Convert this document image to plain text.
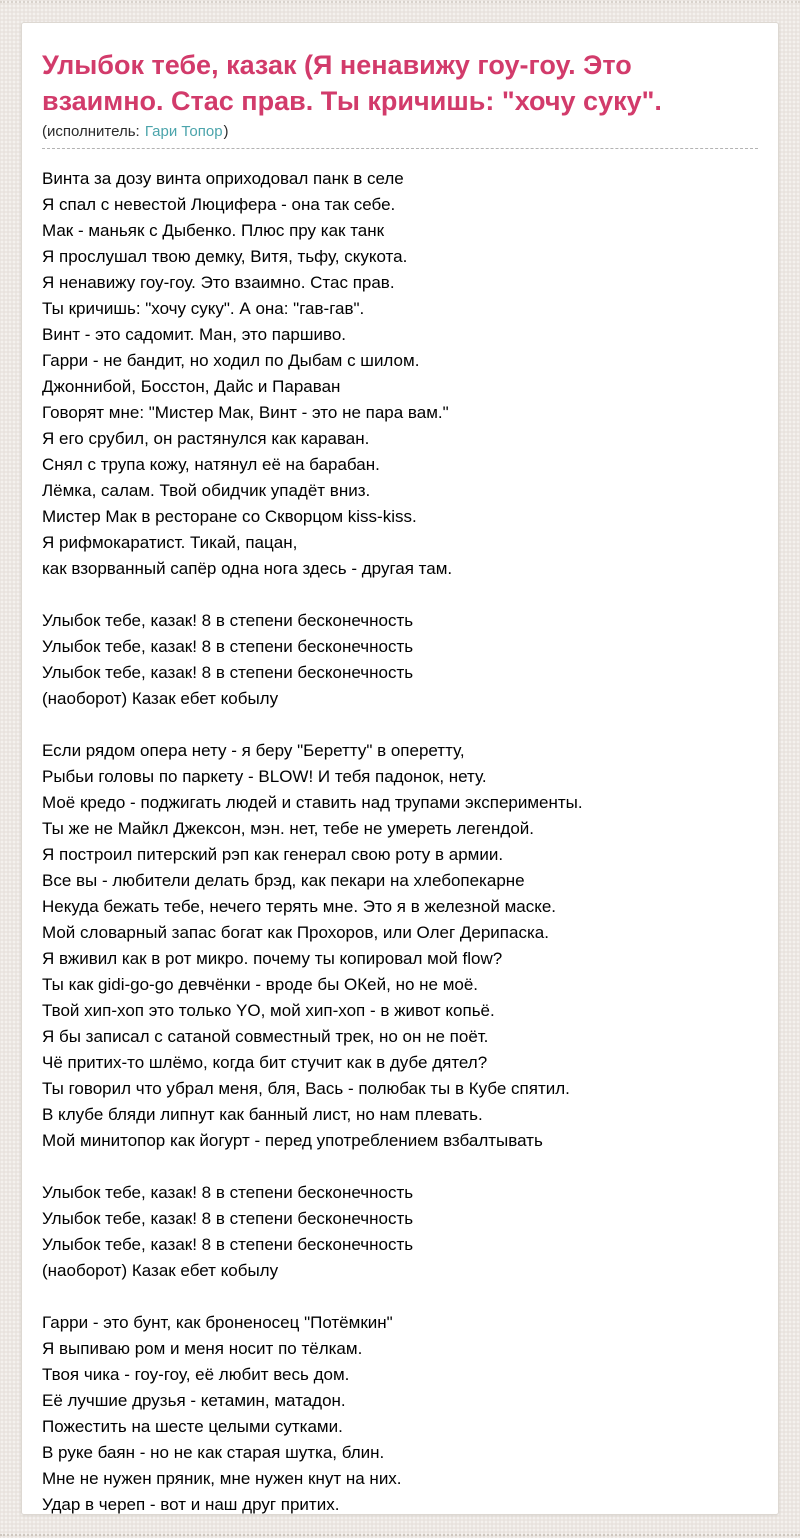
Улыбок тебе, казак (Я ненавижу гоу-гоу. Это взаимно. Стас прав. Ты кричишь: "хочу суку".
(исполнитель: Гари Топор)
Винта за дозу винта оприходовал панк в селе
Я спал с невестой Люцифера - она так себе.
Мак - маньяк с Дыбенко. Плюс пру как танк
Я прослушал твою демку, Витя, тьфу, скукота.
Я ненавижу гоу-гоу. Это взаимно. Стас прав.
Ты кричишь: "хочу суку". А она: "гав-гав".
Винт - это садомит. Ман, это паршиво.
Гарри - не бандит, но ходил по Дыбам с шилом.
Джоннибой, Босстон, Дайс и Параван
Говорят мне: "Мистер Мак, Винт - это не пара вам."
Я его срубил, он растянулся как караван.
Снял с трупа кожу, натянул её на барабан.
Лёмка, салам. Твой обидчик упадёт вниз.
Мистер Мак в ресторане со Скворцом kiss-kiss.
Я рифмокаратист. Тикай, пацан,
как взорванный сапёр одна нога здесь - другая там.
Улыбок тебе, казак! 8 в степени бесконечность
Улыбок тебе, казак! 8 в степени бесконечность
Улыбок тебе, казак! 8 в степени бесконечность
(наоборот) Казак ебет кобылу
Если рядом опера нету - я беру "Беретту" в оперетту,
Рыбьи головы по паркету - BLOW! И тебя падонок, нету.
Моё кредо - поджигать людей и ставить над трупами эксперименты.
Ты же не Майкл Джексон, мэн. нет, тебе не умереть легендой.
Я построил питерский рэп как генерал свою роту в армии.
Все вы - любители делать брэд, как пекари на хлебопекарне
Некуда бежать тебе, нечего терять мне. Это я в железной маске.
Мой словарный запас богат как Прохоров, или Олег Дерипаска.
Я вживил как в рот микро. почему ты копировал мой flow?
Ты как gidi-go-go девчёнки - вроде бы ОКей, но не моё.
Твой хип-хоп это только YO, мой хип-хоп - в живот копьё.
Я бы записал с сатаной совместный трек, но он не поёт.
Чё притих-то шлёмо, когда бит стучит как в дубе дятел?
Ты говорил что убрал меня, бля, Вась - полюбак ты в Кубе спятил.
В клубе бляди липнут как банный лист, но нам плевать.
Мой минитопор как йогурт - перед употреблением взбалтывать
Улыбок тебе, казак! 8 в степени бесконечность
Улыбок тебе, казак! 8 в степени бесконечность
Улыбок тебе, казак! 8 в степени бесконечность
(наоборот) Казак ебет кобылу
Гарри - это бунт, как броненосец "Потёмкин"
Я выпиваю ром и меня носит по тёлкам.
Твоя чика - гоу-гоу, её любит весь дом.
Её лучшие друзья - кетамин, матадон.
Пожестить на шесте целыми сутками.
В руке баян - но не как старая шутка, блин.
Мне не нужен пряник, мне нужен кнут на них.
Удар в череп - вот и наш друг притих.
